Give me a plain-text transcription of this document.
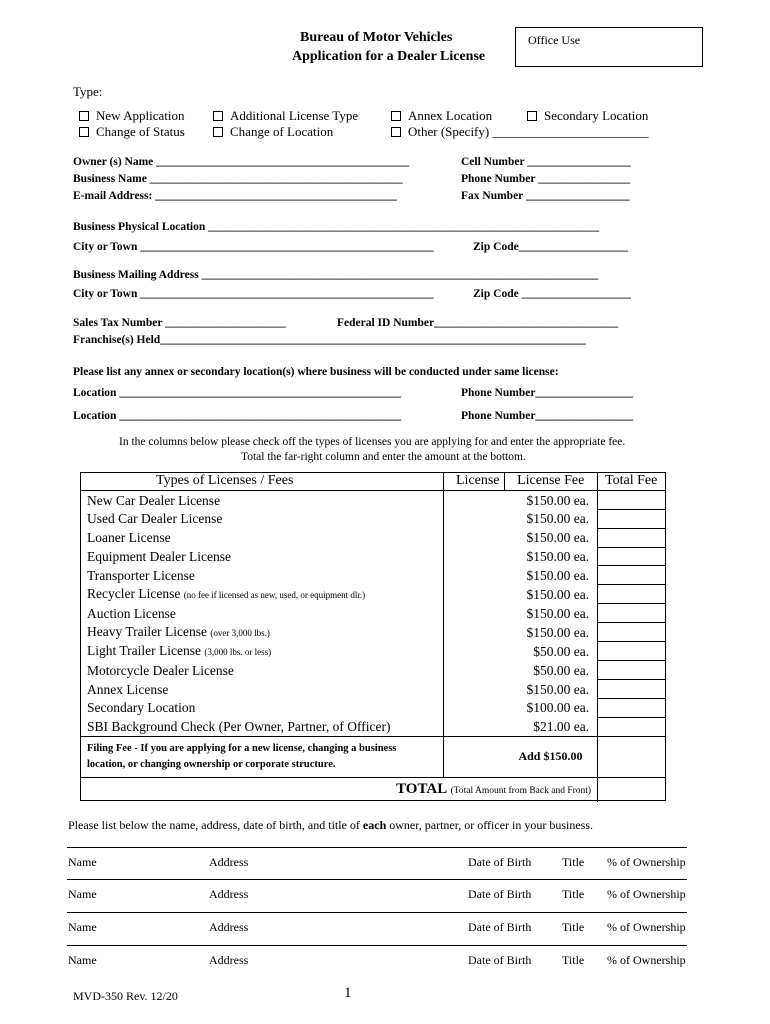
Bureau of Motor Vehicles
Application for a Dealer License
Office Use
Type:
New Application	Additional License Type	Annex Location	Secondary Location
Change of Status	Change of Location	Other (Specify) ________________________
Owner (s) Name ____________________________________________	Cell Number __________________
Business Name ____________________________________________	Phone Number ________________
E-mail Address: __________________________________________	Fax Number __________________
Business Physical Location ____________________________________________________________________
City or Town ___________________________________________________	Zip Code___________________
Business Mailing Address _____________________________________________________________________
City or Town ___________________________________________________	Zip Code ___________________
Sales Tax Number _____________________	Federal ID Number________________________________
Franchise(s) Held__________________________________________________________________________
Please list any annex or secondary location(s) where business will be conducted under same license:
Location _________________________________________________	Phone Number_________________
Location _________________________________________________	Phone Number_________________
In the columns below please check off the types of licenses you are applying for and enter the appropriate fee.
Total the far-right column and enter the amount at the bottom.
Types of Licenses / Fees	License	License Fee	Total Fee
New Car Dealer License		$150.00 ea.	
Used Car Dealer License		$150.00 ea.	
Loaner License		$150.00 ea.	
Equipment Dealer License		$150.00 ea.	
Transporter License		$150.00 ea.	
Recycler License (no fee if licensed as new, used, or equipment dlr.)		$150.00 ea.	
Auction License		$150.00 ea.	
Heavy Trailer License (over 3,000 lbs.)		$150.00 ea.	
Light Trailer License (3,000 lbs. or less)		$50.00 ea.	
Motorcycle Dealer License		$50.00 ea.	
Annex License		$150.00 ea.	
Secondary Location		$100.00 ea.	
SBI Background Check (Per Owner, Partner, of Officer)		$21.00 ea.	

Filing Fee - If you are applying for a new license, changing a business
location, or changing ownership or corporate structure.		Add $150.00	
TOTAL (Total Amount from Back and Front)			
Please list below the name, address, date of birth, and title of each owner, partner, or officer in your business.
Name	Address	Date of Birth	Title % of Ownership
Name	Address	Date of Birth	Title % of Ownership
Name	Address	Date of Birth	Title % of Ownership
Name	Address	Date of Birth	Title % of Ownership
MVD-350 Rev. 12/20	1
